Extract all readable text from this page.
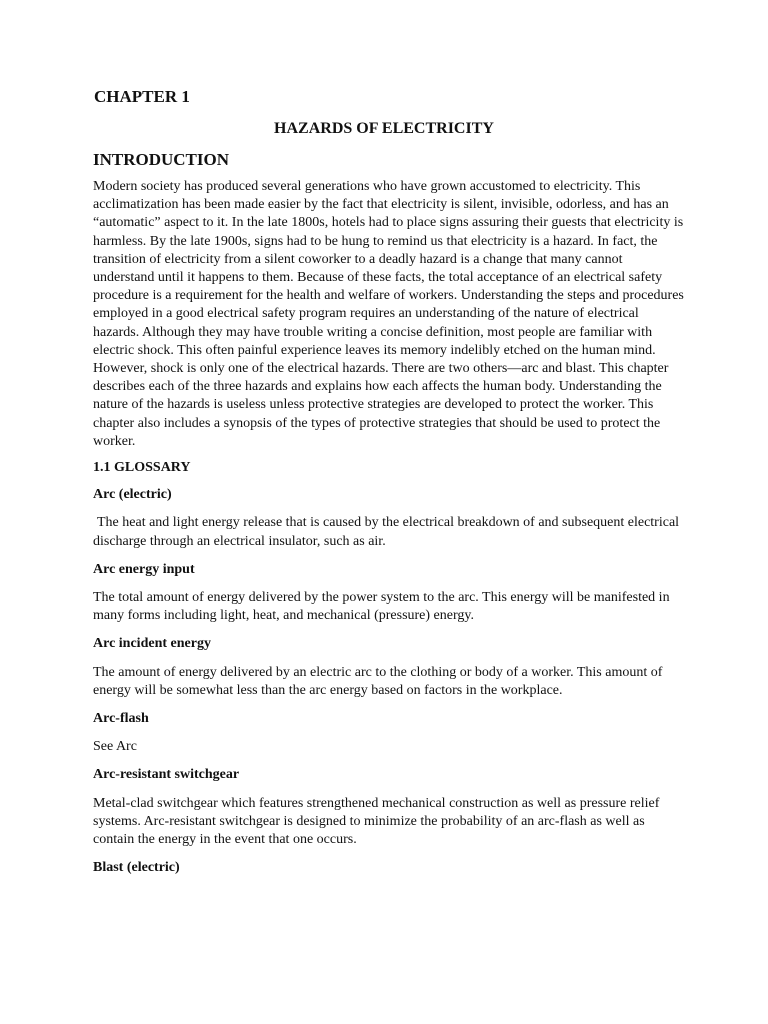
CHAPTER 1
HAZARDS OF ELECTRICITY
INTRODUCTION

Modern society has produced several generations who have grown accustomed to electricity. This acclimatization has been made easier by the fact that electricity is silent, invisible, odorless, and has an “automatic” aspect to it. In the late 1800s, hotels had to place signs assuring their guests that electricity is harmless. By the late 1900s, signs had to be hung to remind us that electricity is a hazard. In fact, the transition of electricity from a silent coworker to a deadly hazard is a change that many cannot understand until it happens to them. Because of these facts, the total acceptance of an electrical safety procedure is a requirement for the health and welfare of workers. Understanding the steps and procedures employed in a good electrical safety program requires an understanding of the nature of electrical hazards. Although they may have trouble writing a concise definition, most people are familiar with electric shock. This often painful experience leaves its memory indelibly etched on the human mind. However, shock is only one of the electrical hazards. There are two others—arc and blast. This chapter describes each of the three hazards and explains how each affects the human body. Understanding the nature of the hazards is useless unless protective strategies are developed to protect the worker. This chapter also includes a synopsis of the types of protective strategies that should be used to protect the worker.

1.1 GLOSSARY

Arc (electric)

The heat and light energy release that is caused by the electrical breakdown of and subsequent electrical discharge through an electrical insulator, such as air.

Arc energy input

The total amount of energy delivered by the power system to the arc. This energy will be manifested in many forms including light, heat, and mechanical (pressure) energy.

Arc incident energy

The amount of energy delivered by an electric arc to the clothing or body of a worker. This amount of energy will be somewhat less than the arc energy based on factors in the workplace.

Arc-flash

See Arc

Arc-resistant switchgear

Metal-clad switchgear which features strengthened mechanical construction as well as pressure relief systems. Arc-resistant switchgear is designed to minimize the probability of an arc-flash as well as contain the energy in the event that one occurs.

Blast (electric)
